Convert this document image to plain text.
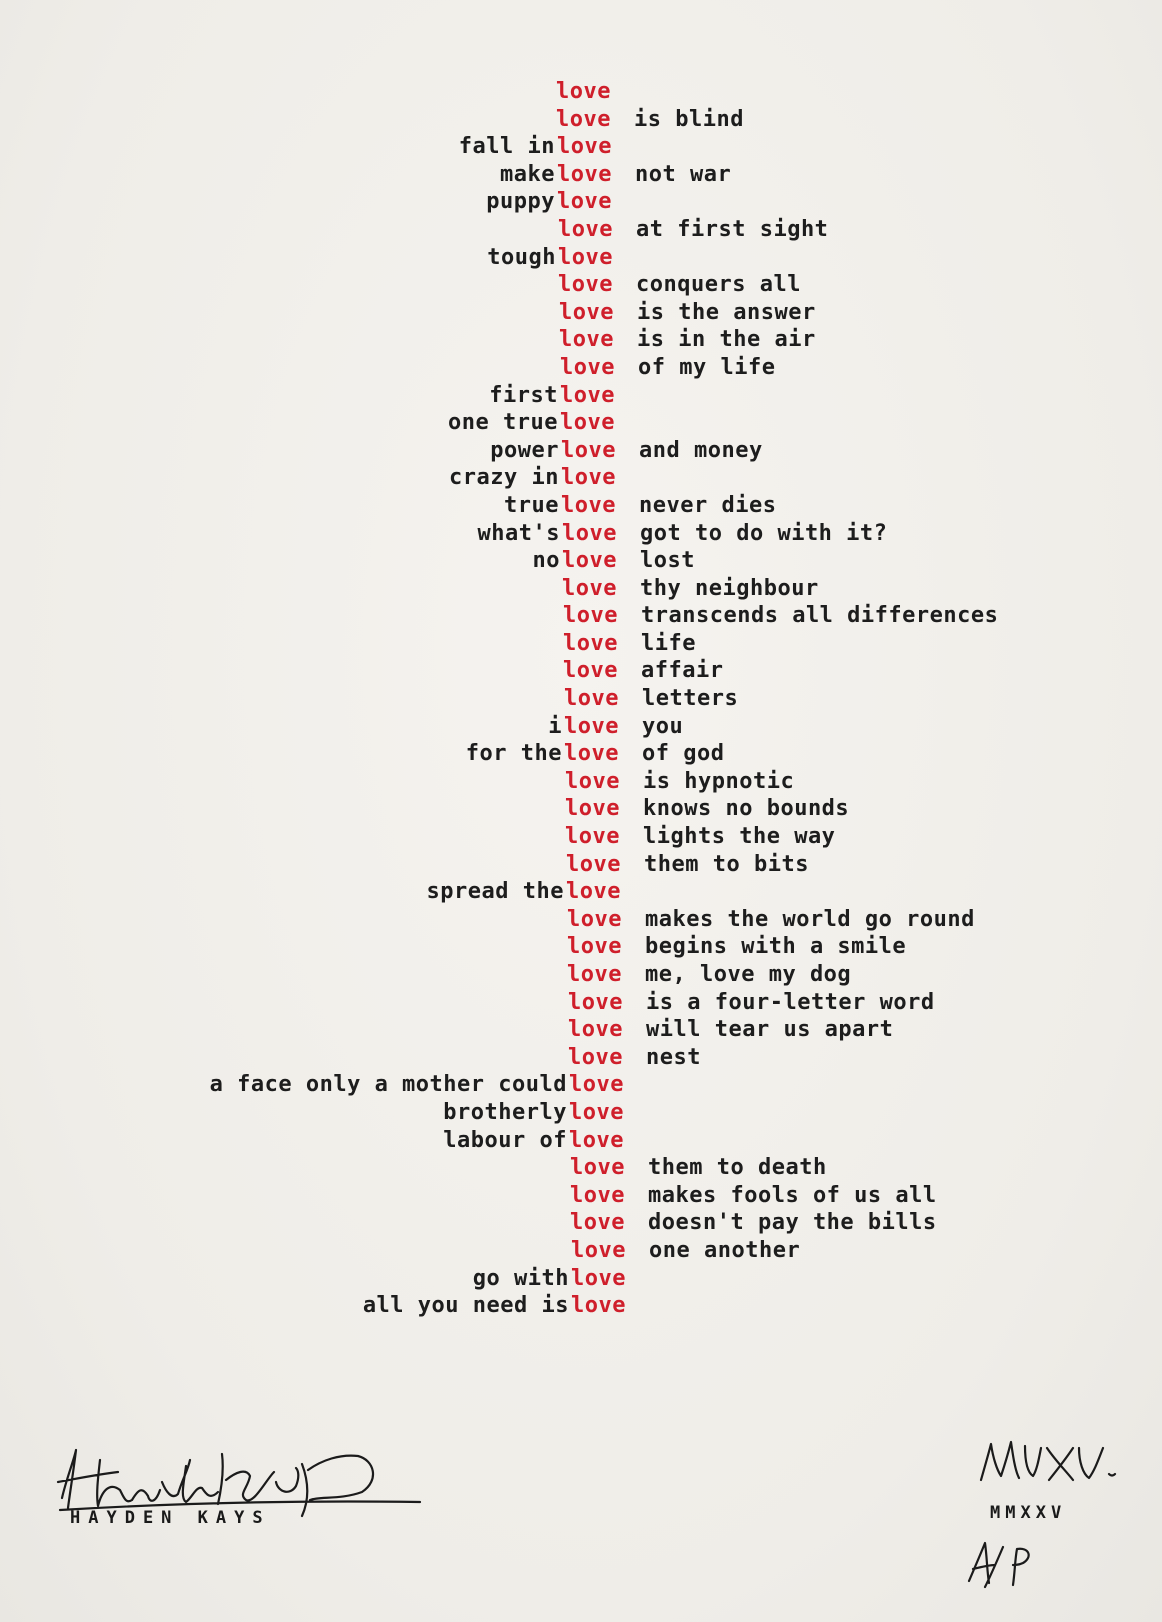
love
love is blind
fall in love
make love not war
puppy love
love at first sight
tough love
love conquers all
love is the answer
love is in the air
love of my life
first love
one true love
power love and money
crazy in love
true love never dies
what's love got to do with it?
no love lost
love thy neighbour
love transcends all differences
love life
love affair
love letters
i love you
for the love of god
love is hypnotic
love knows no bounds
love lights the way
love them to bits
spread the love
love makes the world go round
love begins with a smile
love me, love my dog
love is a four-letter word
love will tear us apart
love nest
a face only a mother could love
brotherly love
labour of love
love them to death
love makes fools of us all
love doesn't pay the bills
love one another
go with love
all you need is love
HAYDEN KAYS	MMXXV
